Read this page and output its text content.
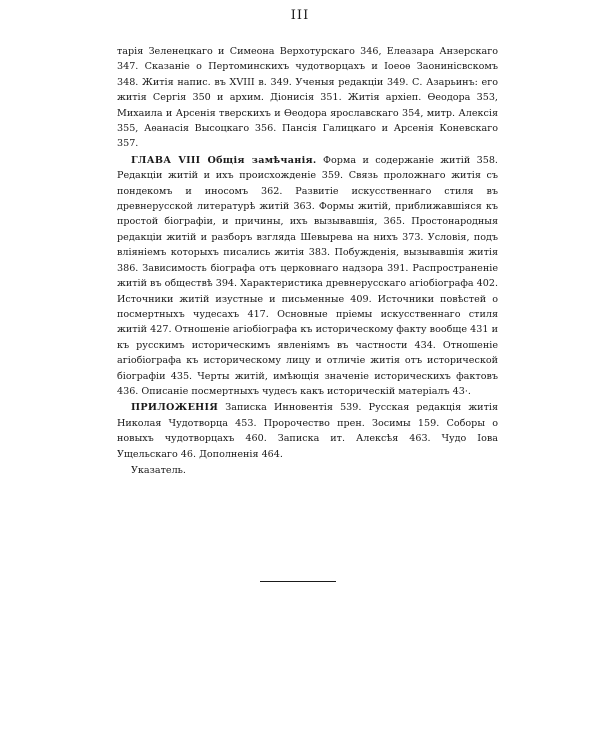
III

тарія Зеленецкаго и Симеона Верхотурскаго 346, Елеазара Анзерскаго 347. Сказаніе о Пертоминскихъ чудотворцахъ и Іоеоѳ Заонинісвскомъ 348. Житія напис. въ XVIII в. 349. Ученыя редакціи 349. С. Азарьинъ: его житія Сергія 350 и архим. Діонисія 351. Житія архіеп. Ѳеодора 353, Михаила и Арсенія тверскихъ и Ѳеодора ярославскаго 354, митр. Алексія 355, Аѳанасія Высоцкаго 356. Пансія Галицкаго и Арсенія Коневскаго 357.

ГЛАВА VIII Общія замѣчанія. Форма и содержаніе житій 358. Редакціи житій и ихъ происхожденіе 359. Связь проложнаго житія съ пондекомъ и иносомъ 362. Развитіе искусственнаго стиля въ древнерусской литературѣ житій 363. Формы житій, приближавшіяся къ простой біографіи, и причины, ихъ вызывавшія, 365. Простонародныя редакціи житій и разборъ взгляда Шевырева на нихъ 373. Условія, подъ вліяніемъ которыхъ писались житія 383. Побужденія, вызывавшія житія 386. Зависимость біографа отъ церковнаго надзора 391. Распространеніе житій въ обществѣ 394. Характеристика древнерусскаго агіобіографа 402. Источники житій изустные и письменные 409. Источники повѣстей о посмертныхъ чудесахъ 417. Основные пріемы искусственнаго стиля житій 427. Отношеніе агіобіографа къ историческому факту вообще 431 и къ русскимъ историческимъ явленіямъ въ частности 434. Отношеніе агіобіографа къ историческому лицу и отличіе житія отъ исторической біографіи 435. Черты житій, имѣющія значеніе историческихъ фактовъ 436. Описаніе посмертныхъ чудесъ какъ историческій матеріалъ 43·.

ПРИЛОЖЕНІЯ Записка Инновентія 539. Русская редакція житія Николая Чудотворца 453. Пророчество прен. Зосимы 159. Соборы о новыхъ чудотворцахъ 460. Записка ит. Алексѣя 463. Чудо Іова Ущельскаго 46. Дополненія 464.

Указатель.
